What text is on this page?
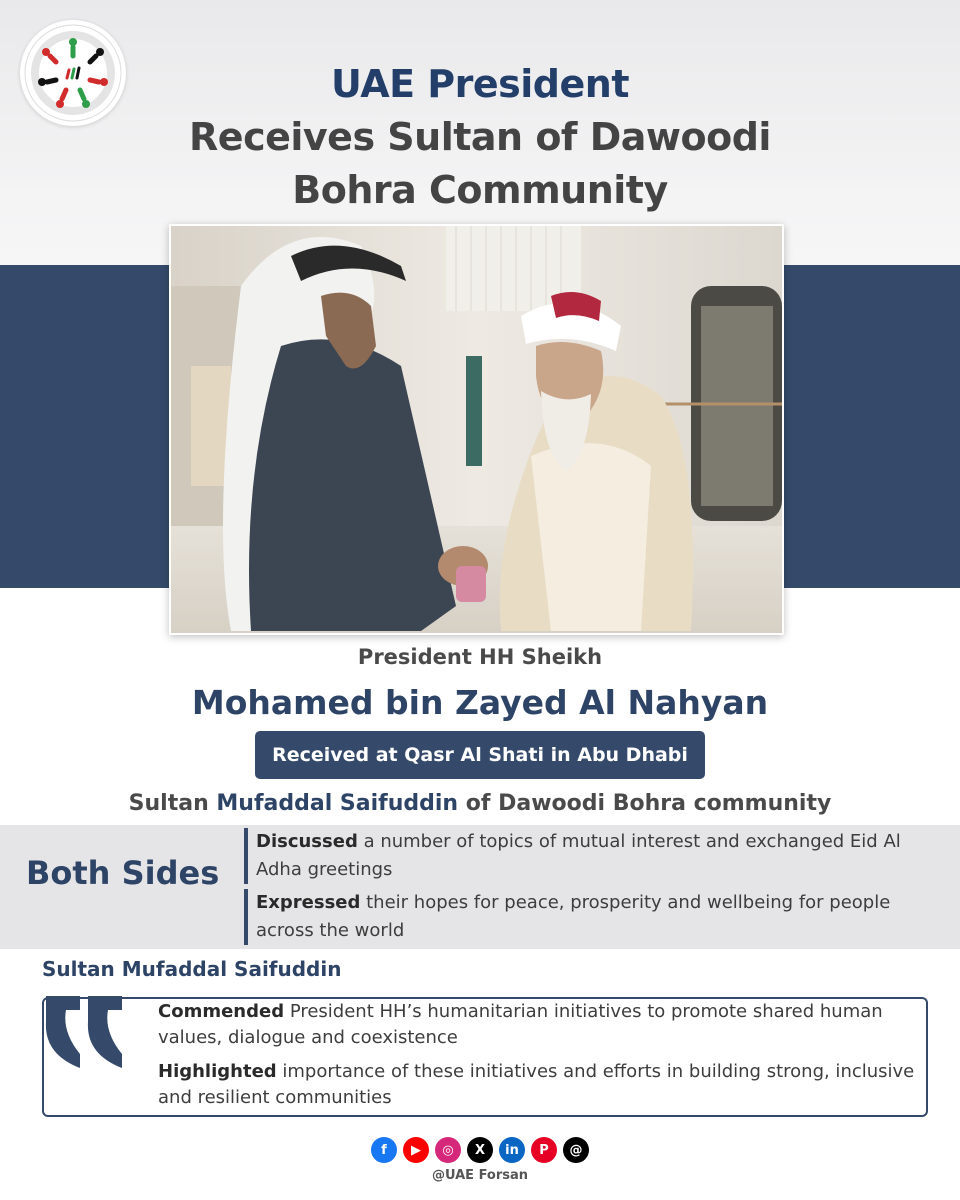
UAE President
Receives Sultan of Dawoodi
Bohra Community
President HH Sheikh
Mohamed bin Zayed Al Nahyan
Received at Qasr Al Shati in Abu Dhabi
Sultan Mufaddal Saifuddin of Dawoodi Bohra community
Both Sides
Discussed a number of topics of mutual interest and exchanged Eid Al Adha greetings
Expressed their hopes for peace, prosperity and wellbeing for people across the world
Sultan Mufaddal Saifuddin
Commended President HH’s humanitarian initiatives to promote shared human values, dialogue and coexistence
Highlighted importance of these initiatives and efforts in building strong, inclusive and resilient communities
f	▶	◎	X	in	P	@
@UAE Forsan
